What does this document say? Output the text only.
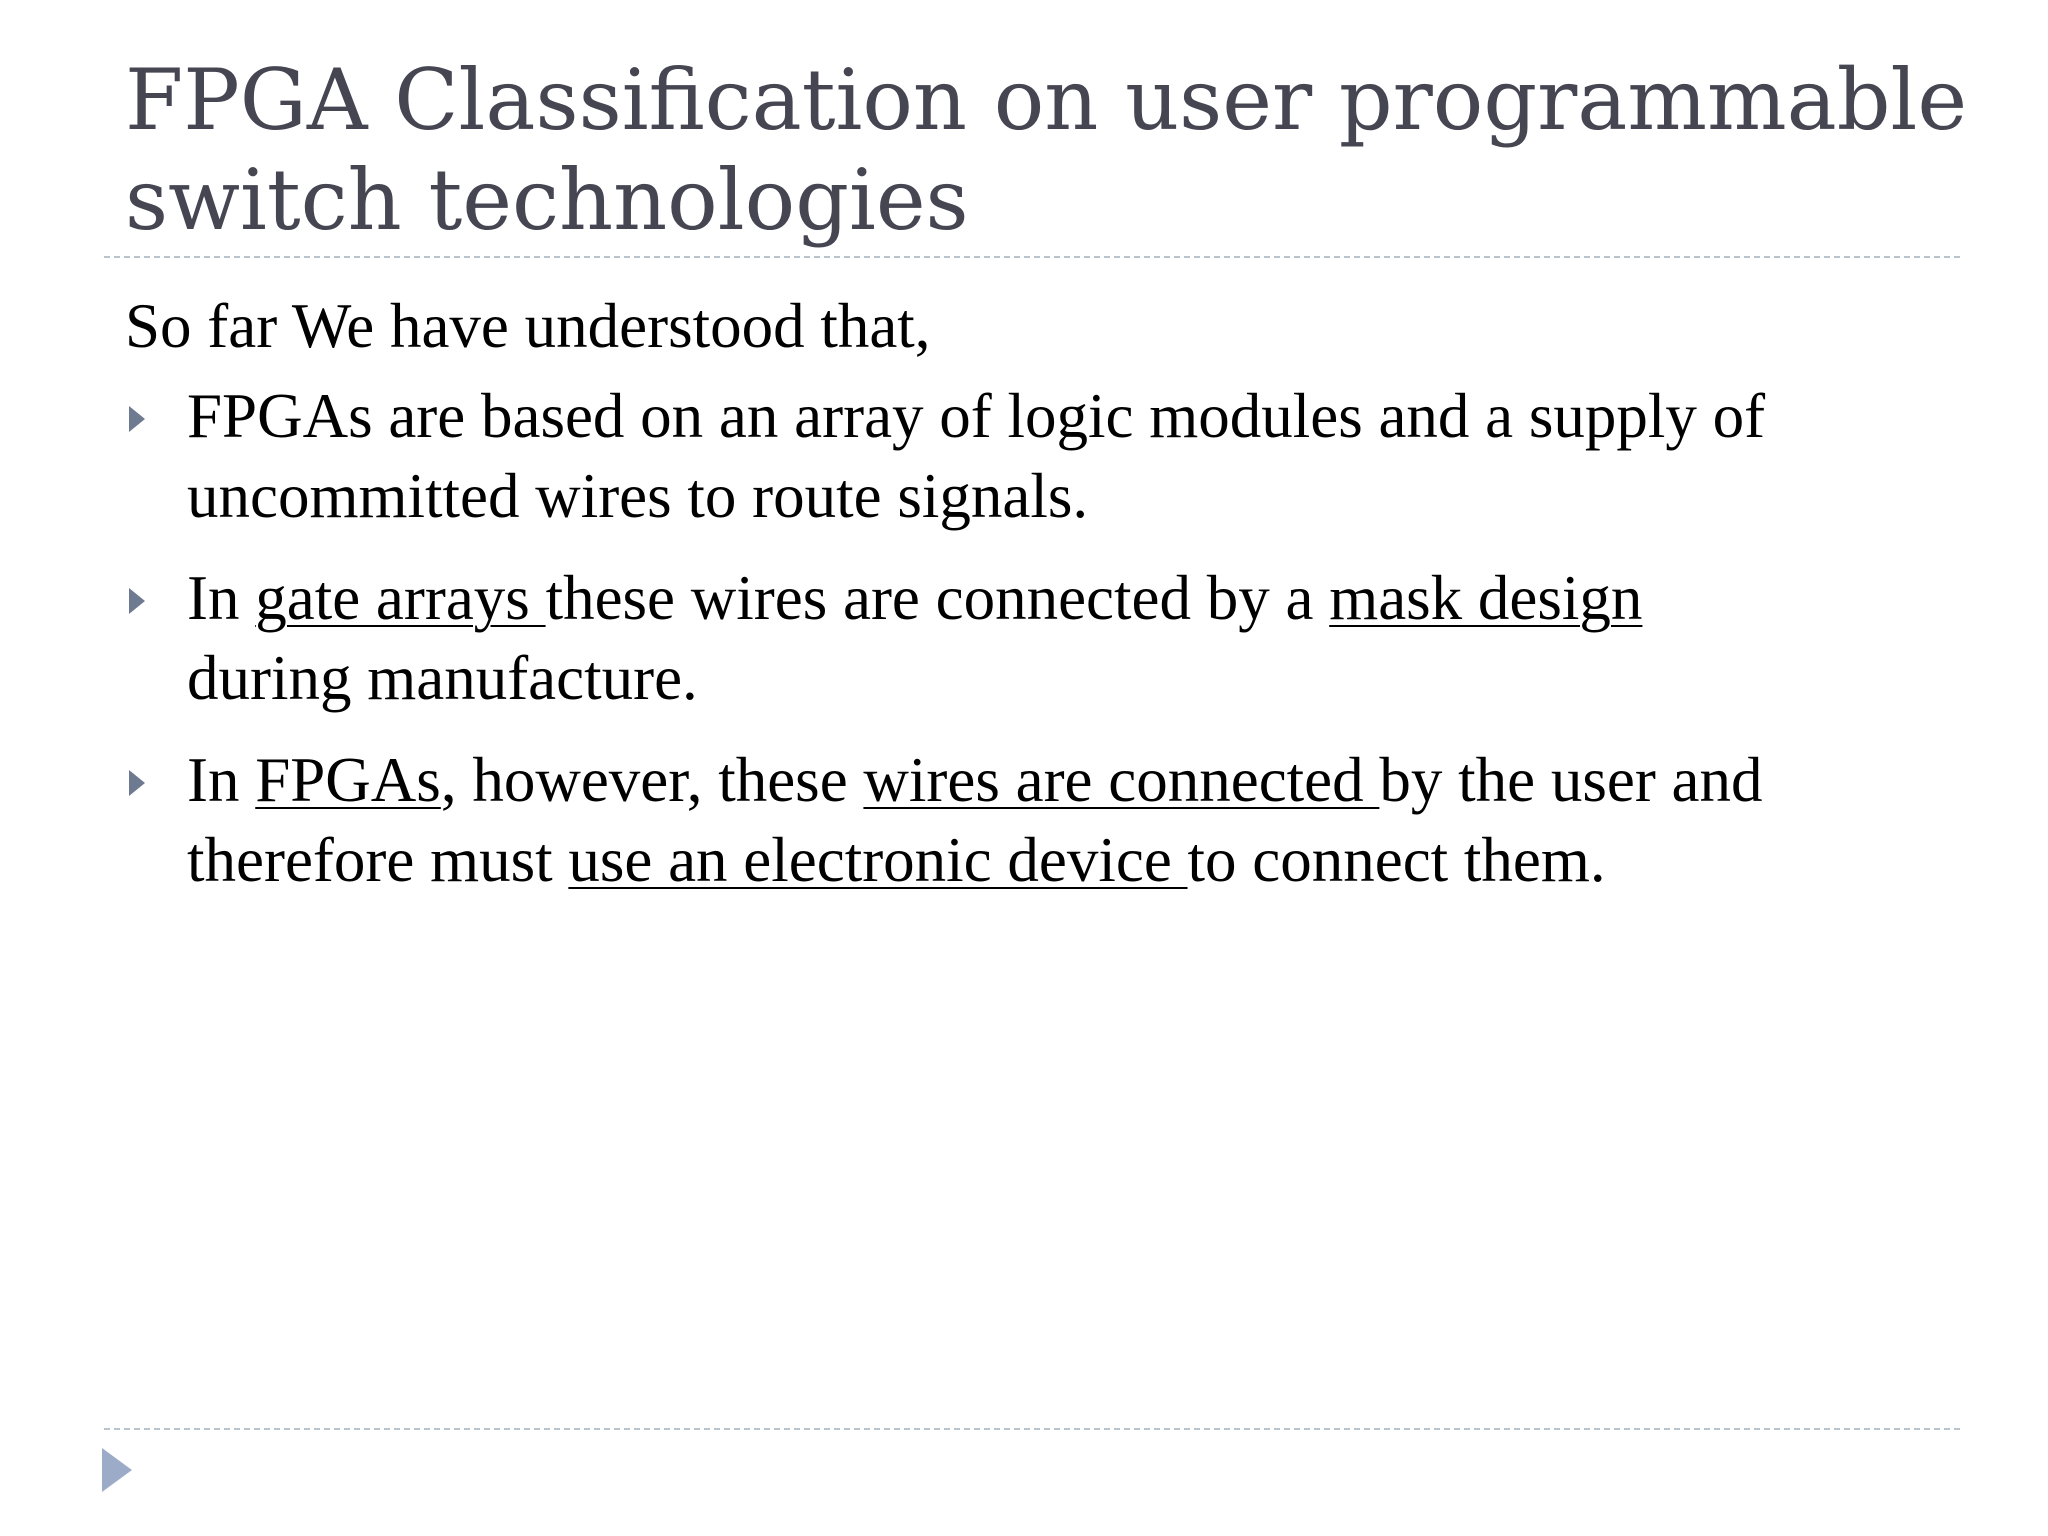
FPGA Classification on user programmable
switch technologies

So far We have understood that,

FPGAs are based on an array of logic modules and a supply of
uncommitted wires to route signals.
In gate arrays these wires are connected by a mask design
during manufacture.
In FPGAs, however, these wires are connected by the user and
therefore must use an electronic device to connect them.
